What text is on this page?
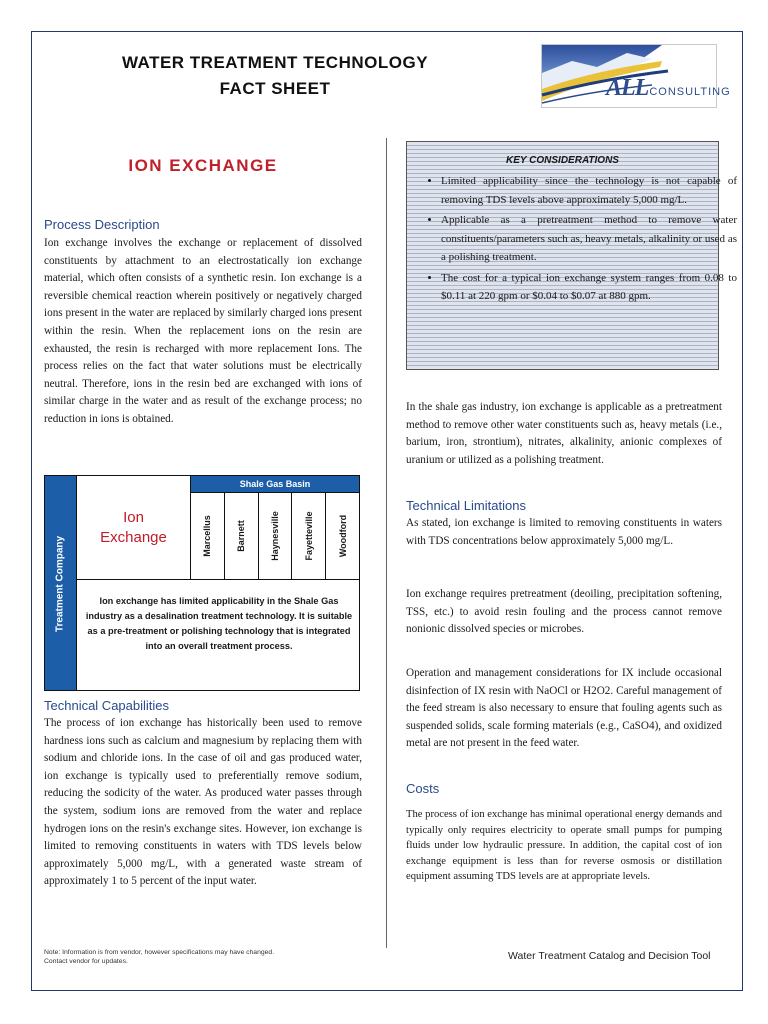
WATER TREATMENT TECHNOLOGY
FACT SHEET	ALLCONSULTING
ION EXCHANGE
Process Description

Ion exchange involves the exchange or replacement of dissolved constituents by attachment to an electrostatically ion exchange material, which often consists of a synthetic resin. Ion exchange is a reversible chemical reaction wherein positively or negatively charged ions present in the water are replaced by similarly charged ions present within the resin. When the replacement ions on the resin are exhausted, the resin is recharged with more replacement Ions. The process relies on the fact that water solutions must be electrically neutral. Therefore, ions in the resin bed are exchanged with ions of similar charge in the water and as result of the exchange process; no reduction in ions is obtained.

Treatment Company
Ion
Exchange
Shale Gas Basin
Marcellus	Barnett	Haynesville	Fayetteville	Woodford
Ion exchange has limited applicability in the Shale Gas industry as a desalination treatment technology. It is suitable as a pre-treatment or polishing technology that is integrated into an overall treatment process.
Technical Capabilities

The process of ion exchange has historically been used to remove hardness ions such as calcium and magnesium by replacing them with sodium and chloride ions. In the case of oil and gas produced water, ion exchange is typically used to preferentially remove sodium, reducing the sodicity of the water. As produced water passes through the system, sodium ions are removed from the water and replace hydrogen ions on the resin's exchange sites. However, ion exchange is limited to removing constituents in waters with TDS levels below approximately 5,000 mg/L, with a generated waste stream of approximately 1 to 5 percent of the input water.

KEY CONSIDERATIONS
• Limited applicability since the technology is not capable of removing TDS levels above approximately 5,000 mg/L.
• Applicable as a pretreatment method to remove water constituents/parameters such as, heavy metals, alkalinity or used as a polishing treatment.
• The cost for a typical ion exchange system ranges from 0.08 to $0.11 at 220 gpm or $0.04 to $0.07 at 880 gpm.

In the shale gas industry, ion exchange is applicable as a pretreatment method to remove other water constituents such as, heavy metals (i.e., barium, iron, strontium), nitrates, alkalinity, anionic complexes of uranium or utilized as a polishing treatment.

Technical Limitations

As stated, ion exchange is limited to removing constituents in waters with TDS concentrations below approximately 5,000 mg/L.

Ion exchange requires pretreatment (deoiling, precipitation softening, TSS, etc.) to avoid resin fouling and the process cannot remove nonionic dissolved species or microbes.

Operation and management considerations for IX include occasional disinfection of IX resin with NaOCl or H2O2. Careful management of the feed stream is also necessary to ensure that fouling agents such as suspended solids, scale forming materials (e.g., CaSO4), and oxidized metal are not present in the feed water.

Costs

The process of ion exchange has minimal operational energy demands and typically only requires electricity to operate small pumps for pumping fluids under low hydraulic pressure. In addition, the capital cost of ion exchange equipment is less than for reverse osmosis or distillation equipment assuming TDS levels are at appropriate levels.

Note: Information is from vendor, however specifications may have changed. Contact vendor for updates.	Water Treatment Catalog and Decision Tool
